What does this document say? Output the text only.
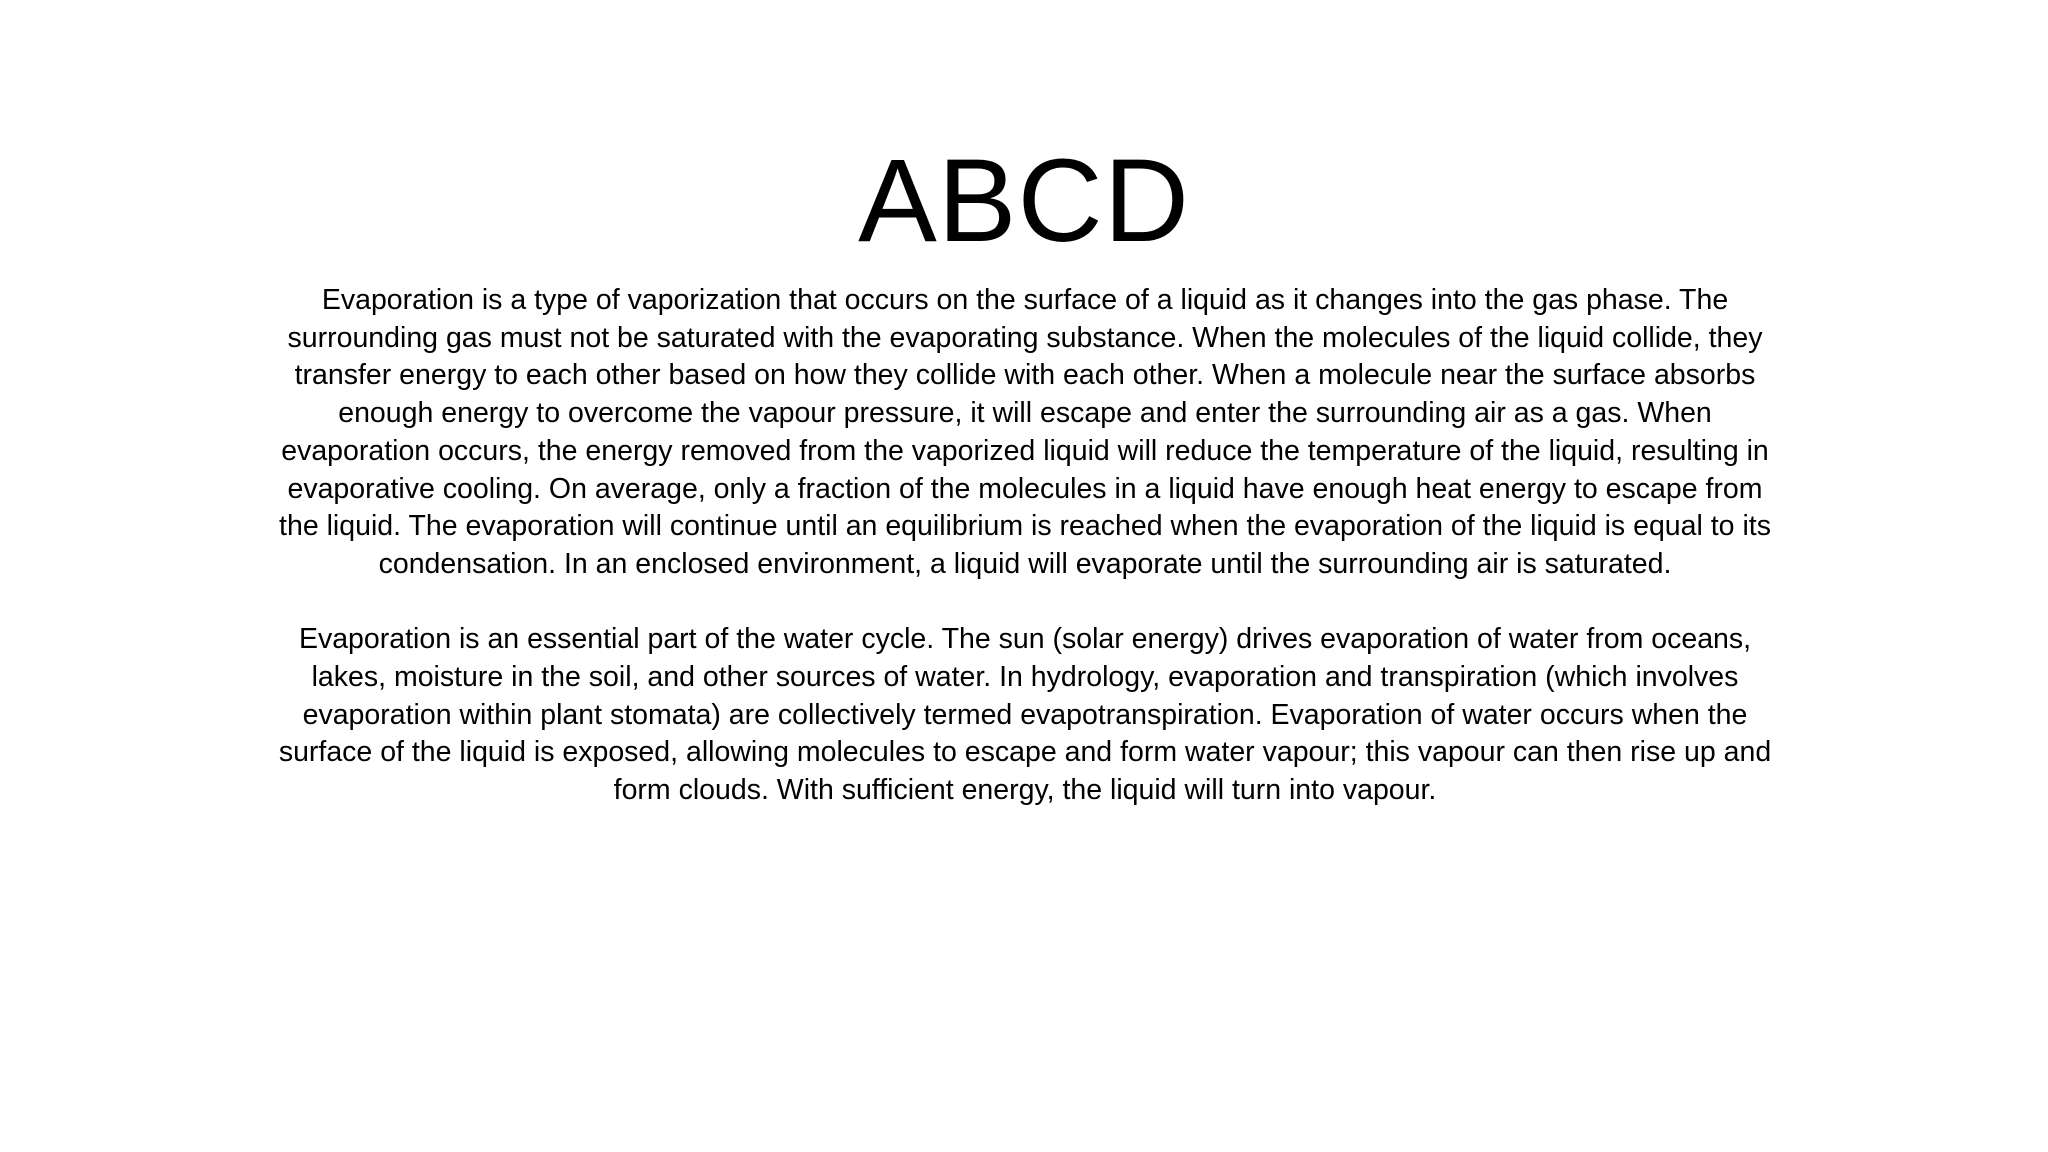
ABCD

Evaporation is a type of vaporization that occurs on the surface of a liquid as it changes into the gas phase. The surrounding gas must not be saturated with the evaporating substance. When the molecules of the liquid collide, they transfer energy to each other based on how they collide with each other. When a molecule near the surface absorbs enough energy to overcome the vapour pressure, it will escape and enter the surrounding air as a gas. When evaporation occurs, the energy removed from the vaporized liquid will reduce the temperature of the liquid, resulting in evaporative cooling. On average, only a fraction of the molecules in a liquid have enough heat energy to escape from the liquid. The evaporation will continue until an equilibrium is reached when the evaporation of the liquid is equal to its condensation. In an enclosed environment, a liquid will evaporate until the surrounding air is saturated.

Evaporation is an essential part of the water cycle. The sun (solar energy) drives evaporation of water from oceans, lakes, moisture in the soil, and other sources of water. In hydrology, evaporation and transpiration (which involves evaporation within plant stomata) are collectively termed evapotranspiration. Evaporation of water occurs when the surface of the liquid is exposed, allowing molecules to escape and form water vapour; this vapour can then rise up and form clouds. With sufficient energy, the liquid will turn into vapour.
